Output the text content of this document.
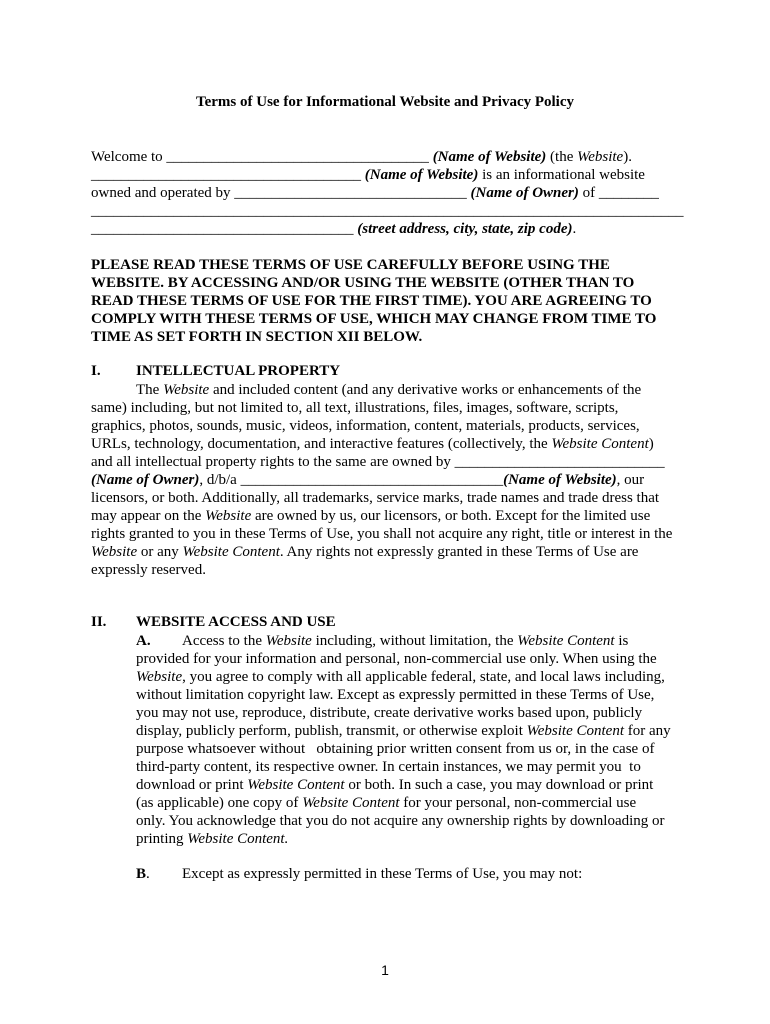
Terms of Use for Informational Website and Privacy Policy
Welcome to ___________________________________ (Name of Website) (the Website).
____________________________________ (Name of Website) is an informational website
owned and operated by _______________________________ (Name of Owner) of ________
_______________________________________________________________________________
___________________________________ (street address, city, state, zip code).
PLEASE READ THESE TERMS OF USE CAREFULLY BEFORE USING THE
WEBSITE. BY ACCESSING AND/OR USING THE WEBSITE (OTHER THAN TO
READ THESE TERMS OF USE FOR THE FIRST TIME). YOU ARE AGREEING TO
COMPLY WITH THESE TERMS OF USE, WHICH MAY CHANGE FROM TIME TO
TIME AS SET FORTH IN SECTION XII BELOW.
I. INTELLECTUAL PROPERTY
The Website and included content (and any derivative works or enhancements of the
same) including, but not limited to, all text, illustrations, files, images, software, scripts,
graphics, photos, sounds, music, videos, information, content, materials, products, services,
URLs, technology, documentation, and interactive features (collectively, the Website Content)
and all intellectual property rights to the same are owned by ____________________________
(Name of Owner), d/b/a ___________________________________(Name of Website), our
licensors, or both. Additionally, all trademarks, service marks, trade names and trade dress that
may appear on the Website are owned by us, our licensors, or both. Except for the limited use
rights granted to you in these Terms of Use, you shall not acquire any right, title or interest in the
Website or any Website Content. Any rights not expressly granted in these Terms of Use are
expressly reserved.
II. WEBSITE ACCESS AND USE
A. Access to the Website including, without limitation, the Website Content is
provided for your information and personal, non-commercial use only. When using the
Website, you agree to comply with all applicable federal, state, and local laws including,
without limitation copyright law. Except as expressly permitted in these Terms of Use,
you may not use, reproduce, distribute, create derivative works based upon, publicly
display, publicly perform, publish, transmit, or otherwise exploit Website Content for any
purpose whatsoever without   obtaining prior written consent from us or, in the case of
third-party content, its respective owner. In certain instances, we may permit you  to
download or print Website Content or both. In such a case, you may download or print
(as applicable) one copy of Website Content for your personal, non-commercial use
only. You acknowledge that you do not acquire any ownership rights by downloading or
printing Website Content.
B. Except as expressly permitted in these Terms of Use, you may not:
1
